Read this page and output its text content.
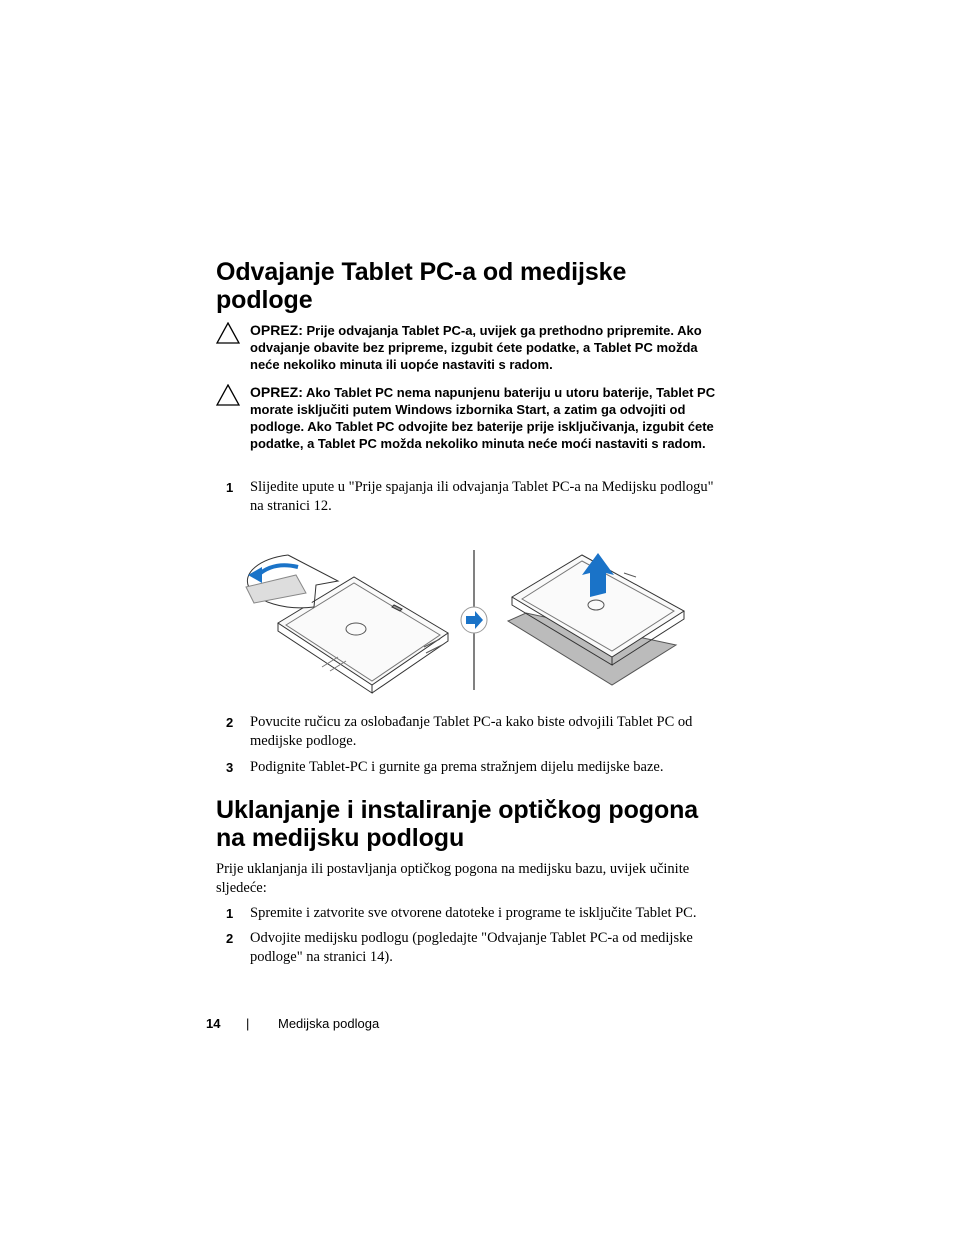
Odvajanje Tablet PC-a od medijske
podloge
OPREZ: Prije odvajanja Tablet PC-a, uvijek ga prethodno pripremite. Ako odvajanje obavite bez pripreme, izgubit ćete podatke, a Tablet PC možda neće nekoliko minuta ili uopće nastaviti s radom.
OPREZ: Ako Tablet PC nema napunjenu bateriju u utoru baterije, Tablet PC morate isključiti putem Windows izbornika Start, a zatim ga odvojiti od podloge. Ako Tablet PC odvojite bez baterije prije isključivanja, izgubit ćete podatke, a Tablet PC možda nekoliko minuta neće moći nastaviti s radom.
1 Slijedite upute u "Prije spajanja ili odvajanja Tablet PC-a na Medijsku podlogu" na stranici 12.
2 Povucite ručicu za oslobađanje Tablet PC-a kako biste odvojili Tablet PC od medijske podloge.
3 Podignite Tablet-PC i gurnite ga prema stražnjem dijelu medijske baze.
Uklanjanje i instaliranje optičkog pogona
na medijsku podlogu
Prije uklanjanja ili postavljanja optičkog pogona na medijsku bazu, uvijek učinite sljedeće:
1 Spremite i zatvorite sve otvorene datoteke i programe te isključite Tablet PC.
2 Odvojite medijsku podlogu (pogledajte "Odvajanje Tablet PC-a od medijske podloge" na stranici 14).
14 | Medijska podloga
